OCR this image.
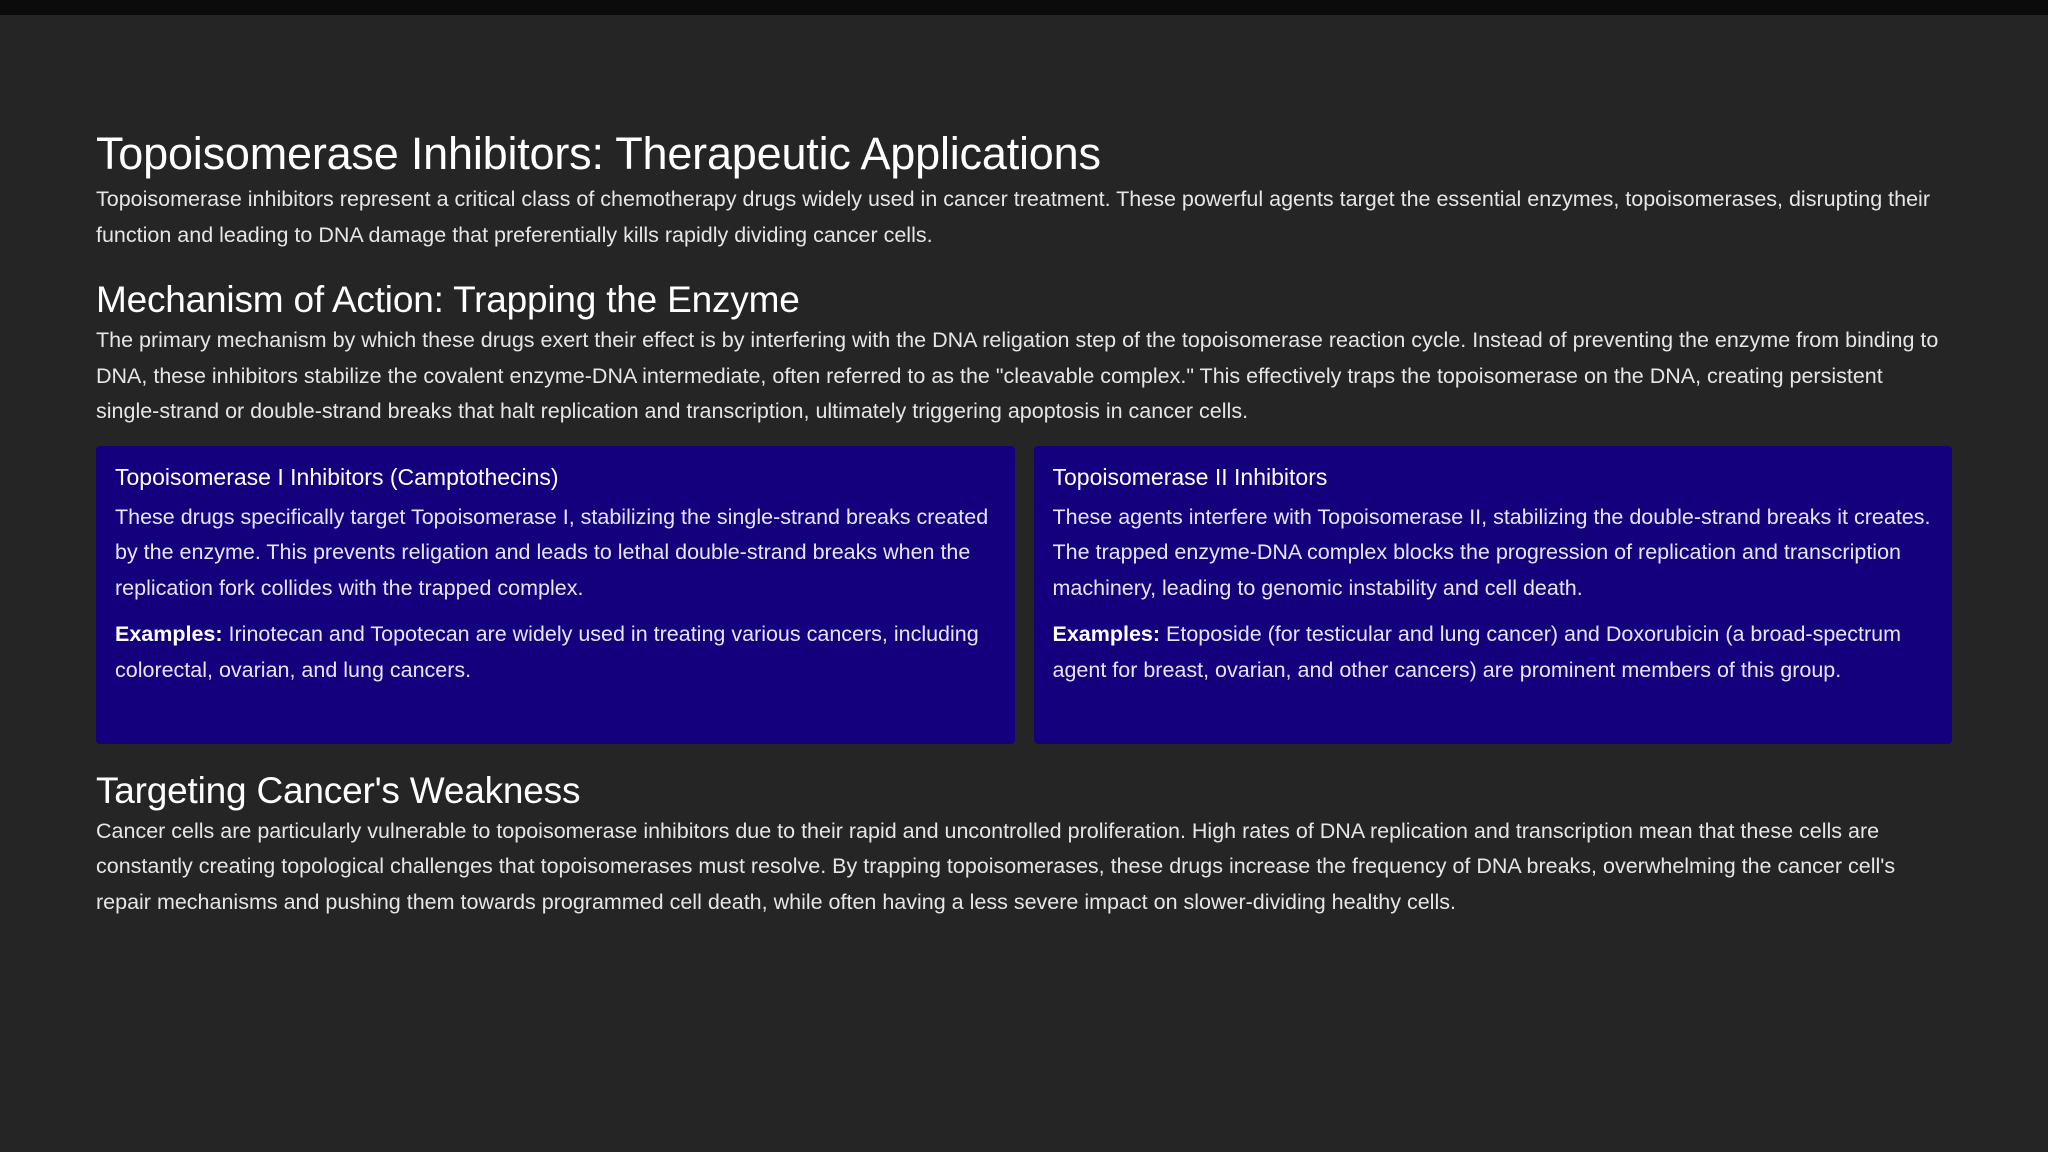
Topoisomerase Inhibitors: Therapeutic Applications

Topoisomerase inhibitors represent a critical class of chemotherapy drugs widely used in cancer treatment. These powerful agents target the essential enzymes, topoisomerases, disrupting their function and leading to DNA damage that preferentially kills rapidly dividing cancer cells.

Mechanism of Action: Trapping the Enzyme

The primary mechanism by which these drugs exert their effect is by interfering with the DNA religation step of the topoisomerase reaction cycle. Instead of preventing the enzyme from binding to DNA, these inhibitors stabilize the covalent enzyme-DNA intermediate, often referred to as the "cleavable complex." This effectively traps the topoisomerase on the DNA, creating persistent single-strand or double-strand breaks that halt replication and transcription, ultimately triggering apoptosis in cancer cells.

Topoisomerase I Inhibitors (Camptothecins)

These drugs specifically target Topoisomerase I, stabilizing the single-strand breaks created by the enzyme. This prevents religation and leads to lethal double-strand breaks when the replication fork collides with the trapped complex.

Examples: Irinotecan and Topotecan are widely used in treating various cancers, including colorectal, ovarian, and lung cancers.

Topoisomerase II Inhibitors

These agents interfere with Topoisomerase II, stabilizing the double-strand breaks it creates. The trapped enzyme-DNA complex blocks the progression of replication and transcription machinery, leading to genomic instability and cell death.

Examples: Etoposide (for testicular and lung cancer) and Doxorubicin (a broad-spectrum agent for breast, ovarian, and other cancers) are prominent members of this group.

Targeting Cancer's Weakness

Cancer cells are particularly vulnerable to topoisomerase inhibitors due to their rapid and uncontrolled proliferation. High rates of DNA replication and transcription mean that these cells are constantly creating topological challenges that topoisomerases must resolve. By trapping topoisomerases, these drugs increase the frequency of DNA breaks, overwhelming the cancer cell's repair mechanisms and pushing them towards programmed cell death, while often having a less severe impact on slower-dividing healthy cells.
